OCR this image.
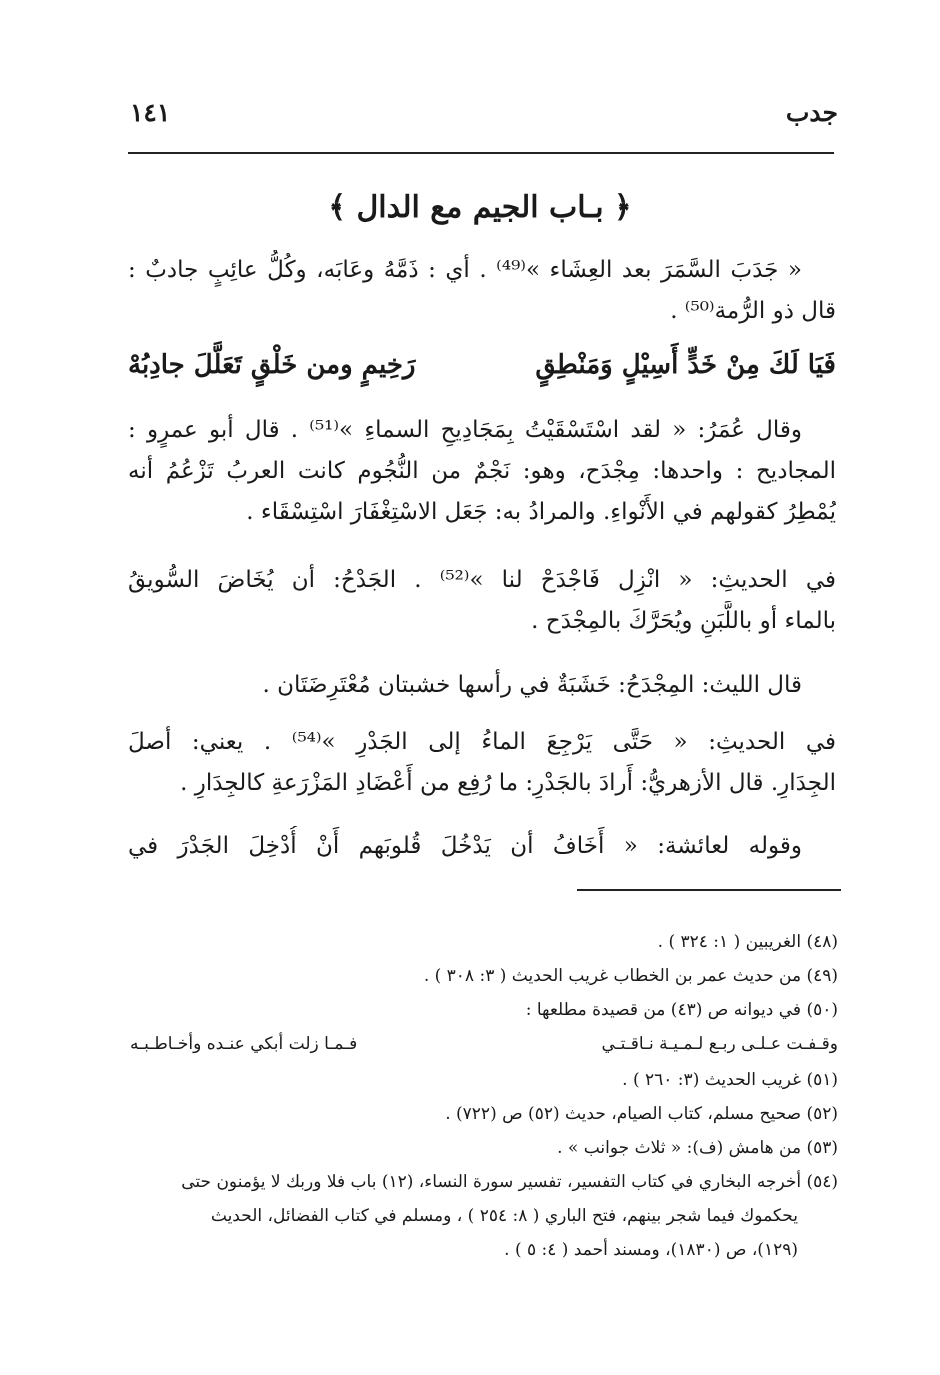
جدب
١٤١
﴿ بـاب الجيم مع الدال ﴾
« جَدَبَ السَّمَرَ بعد العِشَاء »⁽⁴⁹⁾ . أي : ذَمَّهُ وعَابَه، وكُلُّ عائِبٍ جادبٌ :
قال ذو الرُّمة⁽⁵⁰⁾ .
فَيَا لَكَ مِنْ خَدٍّ أَسِيْلٍ وَمَنْطِقٍ
رَخِيمٍ ومن خَلْقٍ تَعَلَّلَ جادِبُهْ
وقال عُمَرُ: « لقد اسْتَسْقَيْتُ بِمَجَادِيحِ السماءِ »⁽⁵¹⁾ . قال أبو عمرٍو :
المجاديح : واحدها: مِجْدَح، وهو: نَجْمٌ من النُّجُوم كانت العربُ تَزْعُمُ أنه
يُمْطِرُ كقولهم في الأَنْواءِ. والمرادُ به: جَعَل الاسْتِغْفَارَ اسْتِسْقَاء .
في الحديثِ: « انْزِل فَاجْدَحْ لنا »⁽⁵²⁾ . الجَدْحُ: أن يُخَاضَ السُّويقُ
بالماء أو باللَّبَنِ ويُحَرَّكَ بالمِجْدَح .
قال الليث: المِجْدَحُ: خَشَبَةٌ في رأسها خشبتان مُعْتَرِضَتَان .
في الحديثِ: « حَتَّى يَرْجِعَ الماءُ إلى الجَدْرِ »⁽⁵⁴⁾ . يعني: أصلَ
الجِدَارِ. قال الأزهريُّ: أَرادَ بالجَدْرِ: ما رُفِع من أَعْضَادِ المَزْرَعةِ كالجِدَارِ .
وقوله لعائشة: « أَخَافُ أن يَدْخُلَ قُلوبَهم أَنْ أُدْخِلَ الجَدْرَ في
(٤٨) الغريبين ( ١: ٣٢٤ ) .
(٤٩) من حديث عمر بن الخطاب غريب الحديث ( ٣: ٣٠٨ ) .
(٥٠) في ديوانه ص (٤٣) من قصيدة مطلعها :
وقـفـت عـلـى ربـع لـمـيـة نـاقـتـي
فـمـا زلت أبكي عنـده وأخـاطـبـه
(٥١) غريب الحديث (٣: ٢٦٠ ) .
(٥٢) صحيح مسلم، كتاب الصيام، حديث (٥٢) ص (٧٢٢) .
(٥٣) من هامش (ف): « ثلاث جوانب » .
(٥٤) أخرجه البخاري في كتاب التفسير، تفسير سورة النساء، (١٢) باب فلا وربك لا يؤمنون حتى
يحكموك فيما شجر بينهم، فتح الباري ( ٨: ٢٥٤ ) ، ومسلم في كتاب الفضائل، الحديث
(١٢٩)، ص (١٨٣٠)، ومسند أحمد ( ٤: ٥ ) .
